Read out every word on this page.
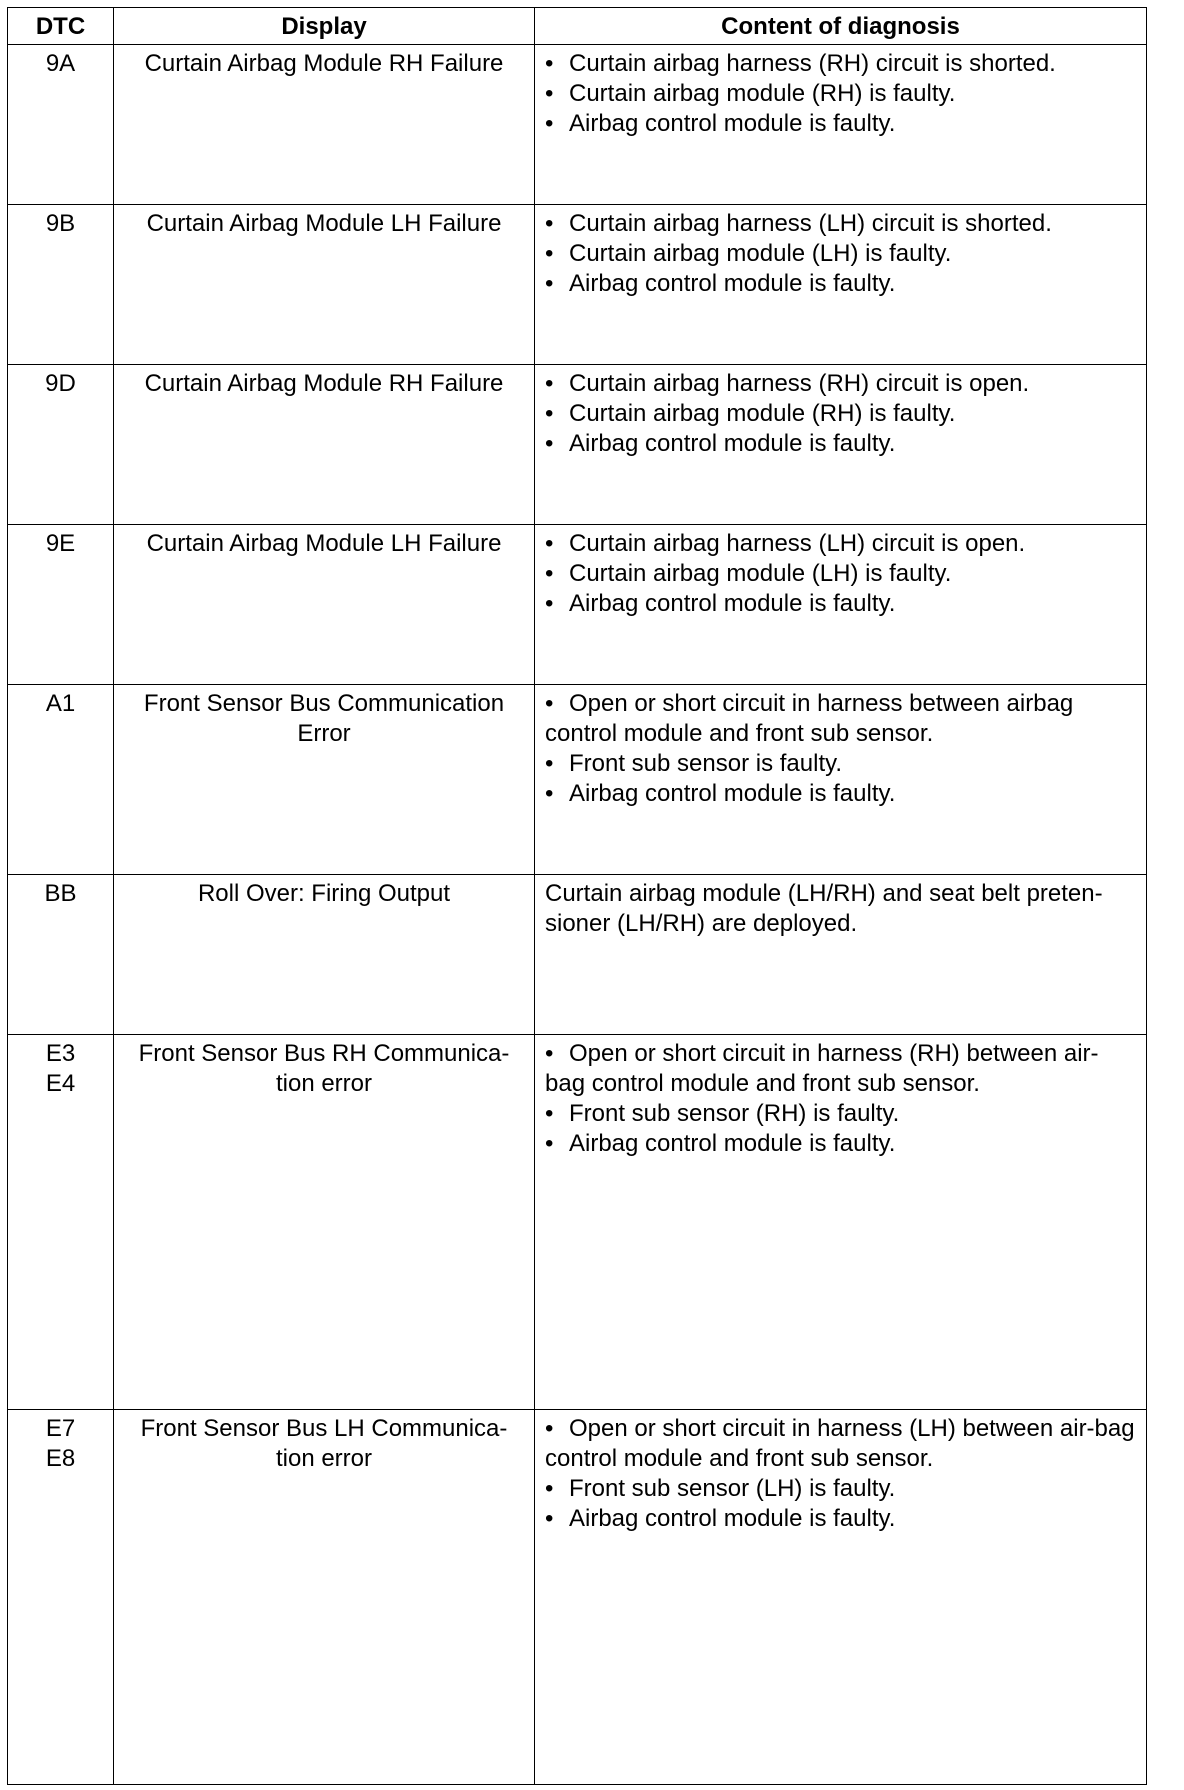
DTC	Display	Content of diagnosis

9A	Curtain Airbag Module RH Failure	• Curtain airbag harness (RH) circuit is shorted.
• Curtain airbag module (RH) is faulty.
• Airbag control module is faulty.

9B	Curtain Airbag Module LH Failure	• Curtain airbag harness (LH) circuit is shorted.
• Curtain airbag module (LH) is faulty.
• Airbag control module is faulty.

9D	Curtain Airbag Module RH Failure	• Curtain airbag harness (RH) circuit is open.
• Curtain airbag module (RH) is faulty.
• Airbag control module is faulty.

9E	Curtain Airbag Module LH Failure	• Curtain airbag harness (LH) circuit is open.
• Curtain airbag module (LH) is faulty.
• Airbag control module is faulty.

A1	Front Sensor Bus Communication Error	• Open or short circuit in harness between airbag control module and front sub sensor.
• Front sub sensor is faulty.
• Airbag control module is faulty.

BB	Roll Over: Firing Output	Curtain airbag module (LH/RH) and seat belt preten-sioner (LH/RH) are deployed.

E3
E4	Front Sensor Bus RH Communica-tion error	• Open or short circuit in harness (RH) between air-bag control module and front sub sensor.
• Front sub sensor (RH) is faulty.
• Airbag control module is faulty.

E7
E8	Front Sensor Bus LH Communica-tion error	• Open or short circuit in harness (LH) between air-bag control module and front sub sensor.
• Front sub sensor (LH) is faulty.
• Airbag control module is faulty.
